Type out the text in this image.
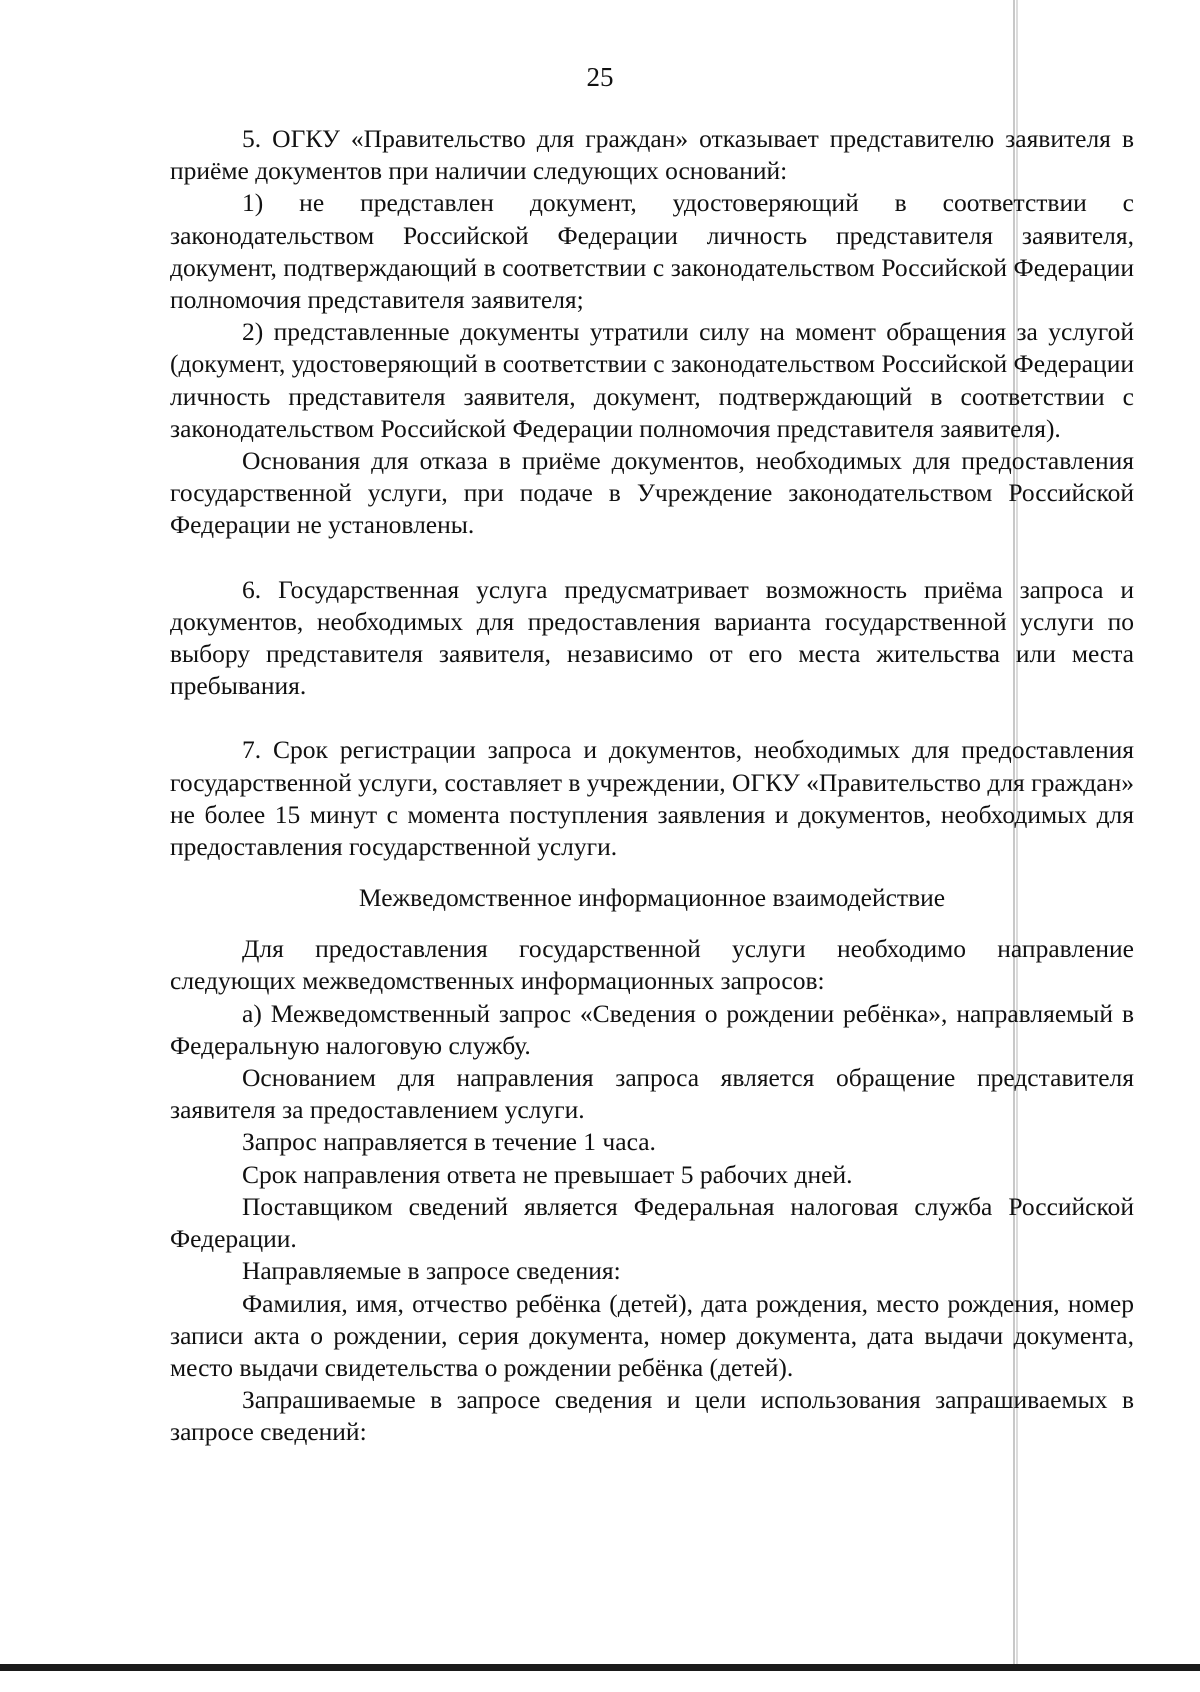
25

5. ОГКУ «Правительство для граждан» отказывает представителю заявителя в приёме документов при наличии следующих оснований:

1) не представлен документ, удостоверяющий в соответствии с законодательством Российской Федерации личность представителя заявителя, документ, подтверждающий в соответствии с законодательством Российской Федерации полномочия представителя заявителя;

2) представленные документы утратили силу на момент обращения за услугой (документ, удостоверяющий в соответствии с законодательством Российской Федерации личность представителя заявителя, документ, подтверждающий в соответствии с законодательством Российской Федерации полномочия представителя заявителя).

Основания для отказа в приёме документов, необходимых для предоставления государственной услуги, при подаче в Учреждение законодательством Российской Федерации не установлены.

6. Государственная услуга предусматривает возможность приёма запроса и документов, необходимых для предоставления варианта государственной услуги по выбору представителя заявителя, независимо от его места жительства или места пребывания.

7. Срок регистрации запроса и документов, необходимых для предоставления государственной услуги, составляет в учреждении, ОГКУ «Правительство для граждан» не более 15 минут с момента поступления заявления и документов, необходимых для предоставления государственной услуги.

Межведомственное информационное взаимодействие

Для предоставления государственной услуги необходимо направление следующих межведомственных информационных запросов:

а) Межведомственный запрос «Сведения о рождении ребёнка», направляемый в Федеральную налоговую службу.

Основанием для направления запроса является обращение представителя заявителя за предоставлением услуги.

Запрос направляется в течение 1 часа.

Срок направления ответа не превышает 5 рабочих дней.

Поставщиком сведений является Федеральная налоговая служба Российской Федерации.

Направляемые в запросе сведения:

Фамилия, имя, отчество ребёнка (детей), дата рождения, место рождения, номер записи акта о рождении, серия документа, номер документа, дата выдачи документа, место выдачи свидетельства о рождении ребёнка (детей).

Запрашиваемые в запросе сведения и цели использования запрашиваемых в запросе сведений:
